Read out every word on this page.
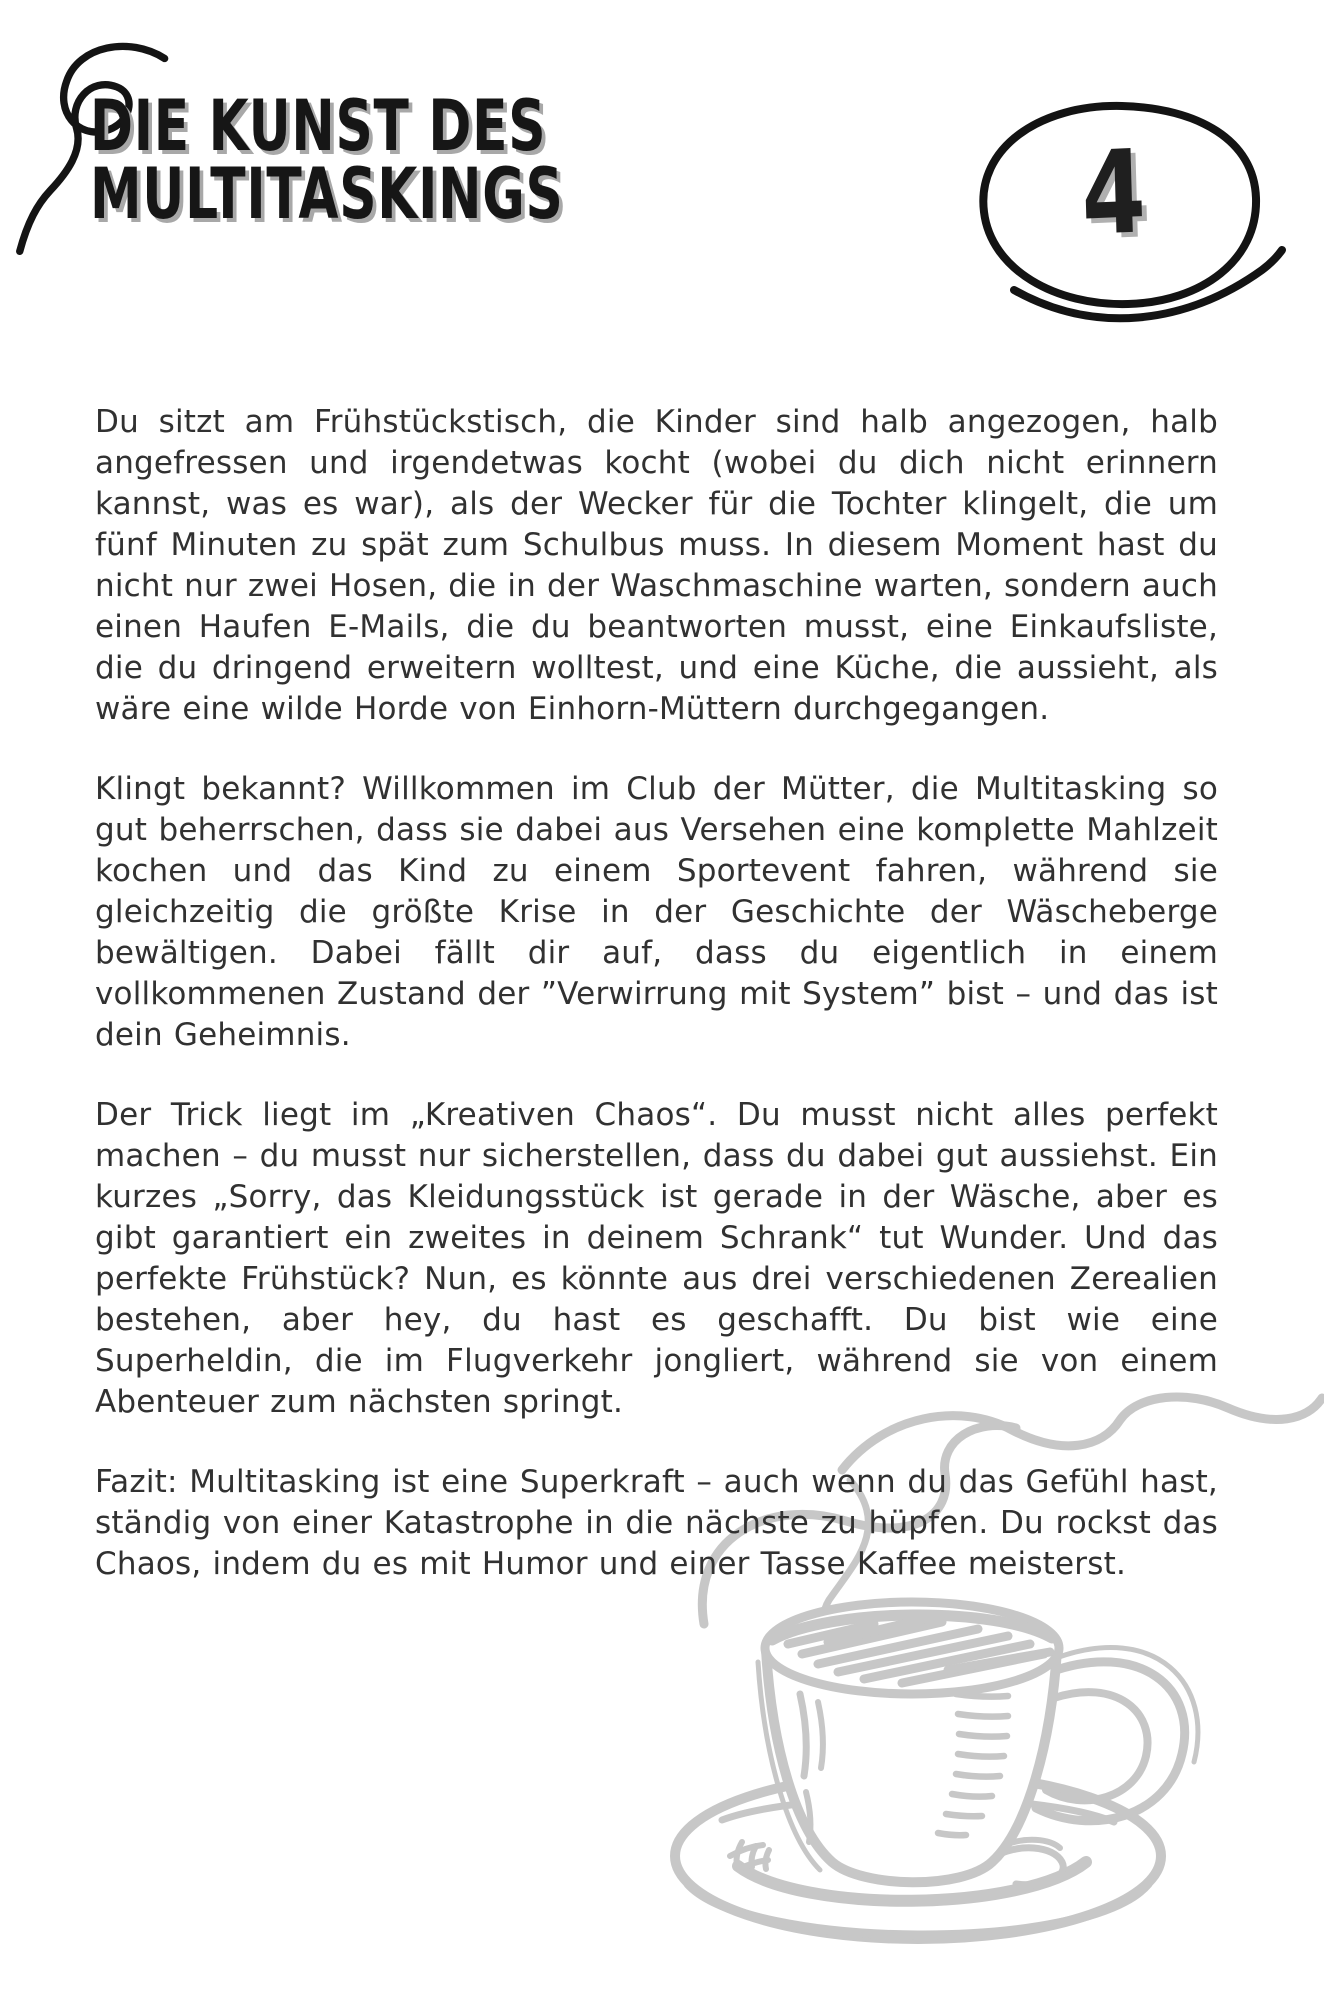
DIE KUNST DES
MULTITASKINGS	4

Du sitzt am Frühstückstisch, die Kinder sind halb angezogen, halb angefressen und irgendetwas kocht (wobei du dich nicht erinnern kannst, was es war), als der Wecker für die Tochter klingelt, die um fünf Minuten zu spät zum Schulbus muss. In diesem Moment hast du nicht nur zwei Hosen, die in der Waschmaschine warten, sondern auch einen Haufen E-Mails, die du beantworten musst, eine Einkaufsliste, die du dringend erweitern wolltest, und eine Küche, die aussieht, als wäre eine wilde Horde von Einhorn-Müttern durchgegangen.

Klingt bekannt? Willkommen im Club der Mütter, die Multitasking so gut beherrschen, dass sie dabei aus Versehen eine komplette Mahlzeit kochen und das Kind zu einem Sportevent fahren, während sie gleichzeitig die größte Krise in der Geschichte der Wäscheberge bewältigen. Dabei fällt dir auf, dass du eigentlich in einem vollkommenen Zustand der ”Verwirrung mit System” bist – und das ist dein Geheimnis.

Der Trick liegt im „Kreativen Chaos“. Du musst nicht alles perfekt machen – du musst nur sicherstellen, dass du dabei gut aussiehst. Ein kurzes „Sorry, das Kleidungsstück ist gerade in der Wäsche, aber es gibt garantiert ein zweites in deinem Schrank“ tut Wunder. Und das perfekte Frühstück? Nun, es könnte aus drei verschiedenen Zerealien bestehen, aber hey, du hast es geschafft. Du bist wie eine Superheldin, die im Flugverkehr jongliert, während sie von einem Abenteuer zum nächsten springt.

Fazit: Multitasking ist eine Superkraft – auch wenn du das Gefühl hast, ständig von einer Katastrophe in die nächste zu hüpfen. Du rockst das Chaos, indem du es mit Humor und einer Tasse Kaffee meisterst.
